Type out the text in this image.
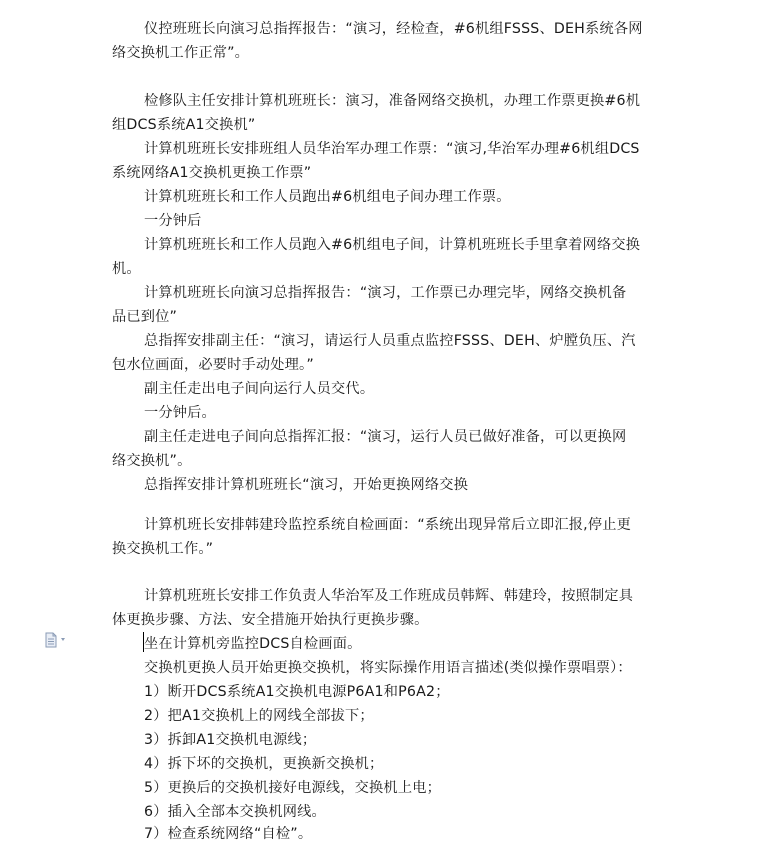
仪控班班长向演习总指挥报告：“演习，经检查，#6机组FSSS、DEH系统各网
络交换机工作正常”。
检修队主任安排计算机班班长：演习，准备网络交换机，办理工作票更换#6机
组DCS系统A1交换机”
计算机班班长安排班组人员华治军办理工作票：“演习,华治军办理#6机组DCS
系统网络A1交换机更换工作票”
计算机班班长和工作人员跑出#6机组电子间办理工作票。
一分钟后
计算机班班长和工作人员跑入#6机组电子间，计算机班班长手里拿着网络交换
机。
计算机班班长向演习总指挥报告：“演习，工作票已办理完毕，网络交换机备
品已到位”
总指挥安排副主任：“演习，请运行人员重点监控FSSS、DEH、炉膛负压、汽
包水位画面，必要时手动处理。”
副主任走出电子间向运行人员交代。
一分钟后。
副主任走进电子间向总指挥汇报：“演习，运行人员已做好准备，可以更换网
络交换机”。
总指挥安排计算机班班长“演习，开始更换网络交换
计算机班长安排韩建玲监控系统自检画面：“系统出现异常后立即汇报,停止更
换交换机工作。”
计算机班班长安排工作负责人华治军及工作班成员韩辉、韩建玲，按照制定具
体更换步骤、方法、安全措施开始执行更换步骤。
坐在计算机旁监控DCS自检画面。
交换机更换人员开始更换交换机，将实际操作用语言描述(类似操作票唱票）：
1）断开DCS系统A1交换机电源P6A1和P6A2；
2）把A1交换机上的网线全部拔下；
3）拆卸A1交换机电源线；
4）拆下坏的交换机，更换新交换机；
5）更换后的交换机接好电源线，交换机上电；
6）插入全部本交换机网线。
7）检查系统网络“自检”。
